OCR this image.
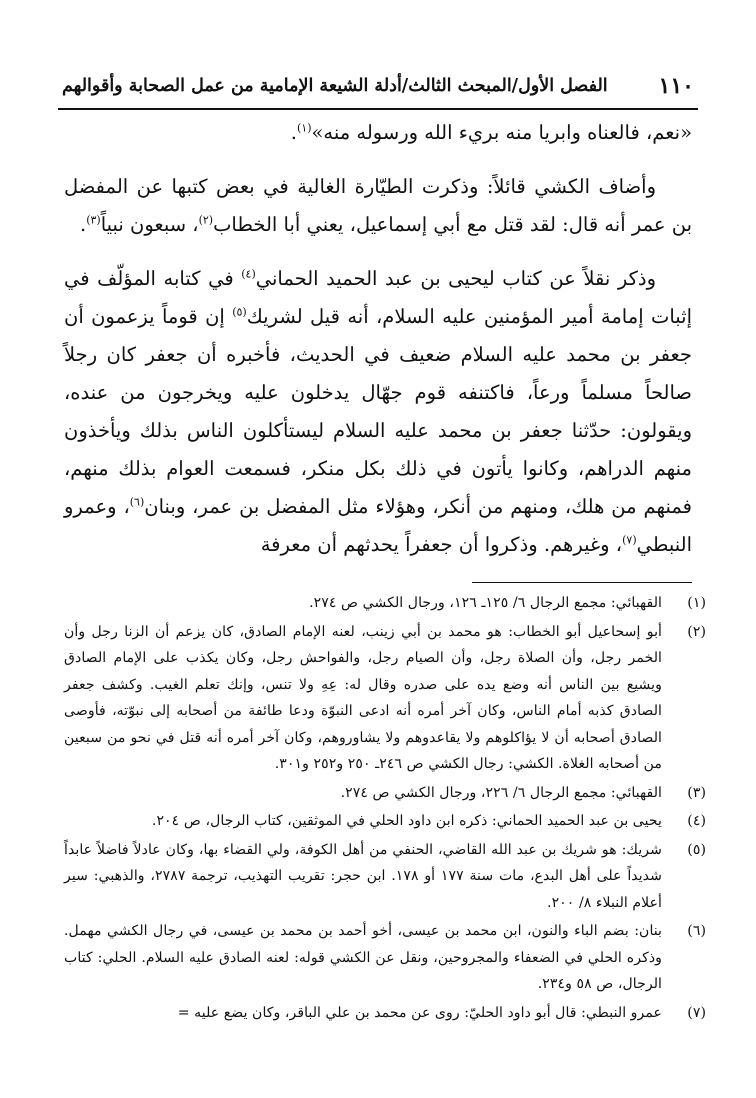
١١٠
الفصل الأول/المبحث الثالث/أدلة الشيعة الإمامية من عمل الصحابة وأقوالهم

«نعم، فالعناه وابريا منه بريء الله ورسوله منه»$^{(١)}$.

وأضاف الكشي قائلاً: وذكرت الطيّارة الغالية في بعض كتبها عن المفضل بن عمر أنه قال: لقد قتل مع أبي إسماعيل، يعني أبا الخطاب$^{(٢)}$، سبعون نبياً$^{(٣)}$.

وذكر نقلاً عن كتاب ليحيى بن عبد الحميد الحماني$^{(٤)}$ في كتابه المؤلّف في إثبات إمامة أمير المؤمنين عليه السلام، أنه قيل لشريك$^{(٥)}$ إن قوماً يزعمون أن جعفر بن محمد عليه السلام ضعيف في الحديث، فأخبره أن جعفر كان رجلاً صالحاً مسلماً ورعاً، فاكتنفه قوم جهّال يدخلون عليه ويخرجون من عنده، ويقولون: حدّثنا جعفر بن محمد عليه السلام ليستأكلون الناس بذلك ويأخذون منهم الدراهم، وكانوا يأتون في ذلك بكل منكر، فسمعت العوام بذلك منهم، فمنهم من هلك، ومنهم من أنكر، وهؤلاء مثل المفضل بن عمر، وبنان$^{(٦)}$، وعمرو النبطي$^{(٧)}$، وغيرهم. وذكروا أن جعفراً يحدثهم أن معرفة

(١)
القهبائي: مجمع الرجال ٦/ ١٢٥ـ ١٢٦، ورجال الكشي ص ٢٧٤.
(٢)
أبو إسحاعيل أبو الخطاب: هو محمد بن أبي زينب، لعنه الإمام الصادق، كان يزعم أن الزنا رجل وأن الخمر رجل، وأن الصلاة رجل، وأن الصيام رجل، والفواحش رجل، وكان يكذب على الإمام الصادق ويشيع بين الناس أنه وضع يده على صدره وقال له: عِهِ ولا تنس، وإنك تعلم الغيب. وكشف جعفر الصادق كذبه أمام الناس، وكان آخر أمره أنه ادعى النبوّة ودعا طائفة من أصحابه إلى نبوّته، فأوصى الصادق أصحابه أن لا يؤاكلوهم ولا يقاعدوهم ولا يشاوروهم، وكان آخر أمره أنه قتل في نحو من سبعين من أصحابه الغلاة. الكشي: رجال الكشي ص ٢٤٦ـ ٢٥٠ و٢٥٢ و٣٠١.
(٣)
القهبائي: مجمع الرجال ٦/ ٢٢٦، ورجال الكشي ص ٢٧٤.
(٤)
يحيى بن عبد الحميد الحماني: ذكره ابن داود الحلي في الموثقين، كتاب الرجال، ص ٢٠٤.
(٥)
شريك: هو شريك بن عبد الله القاضي، الحنفي من أهل الكوفة، ولي القضاء بها، وكان عادلاً فاضلاً عابداً شديداً على أهل البدع، مات سنة ١٧٧ أو ١٧٨. ابن حجر: تقريب التهذيب، ترجمة ٢٧٨٧، والذهبي: سير أعلام النبلاء ٨/ ٢٠٠.
(٦)
بنان: بضم الباء والنون، ابن محمد بن عيسى، أخو أحمد بن محمد بن عيسى، في رجال الكشي مهمل. وذكره الحلي في الضعفاء والمجروحين، ونقل عن الكشي قوله: لعنه الصادق عليه السلام. الحلي: كتاب الرجال، ص ٥٨ و٢٣٤.
(٧)
عمرو النبطي: قال أبو داود الحليّ: روى عن محمد بن علي الباقر، وكان يضع عليه =
